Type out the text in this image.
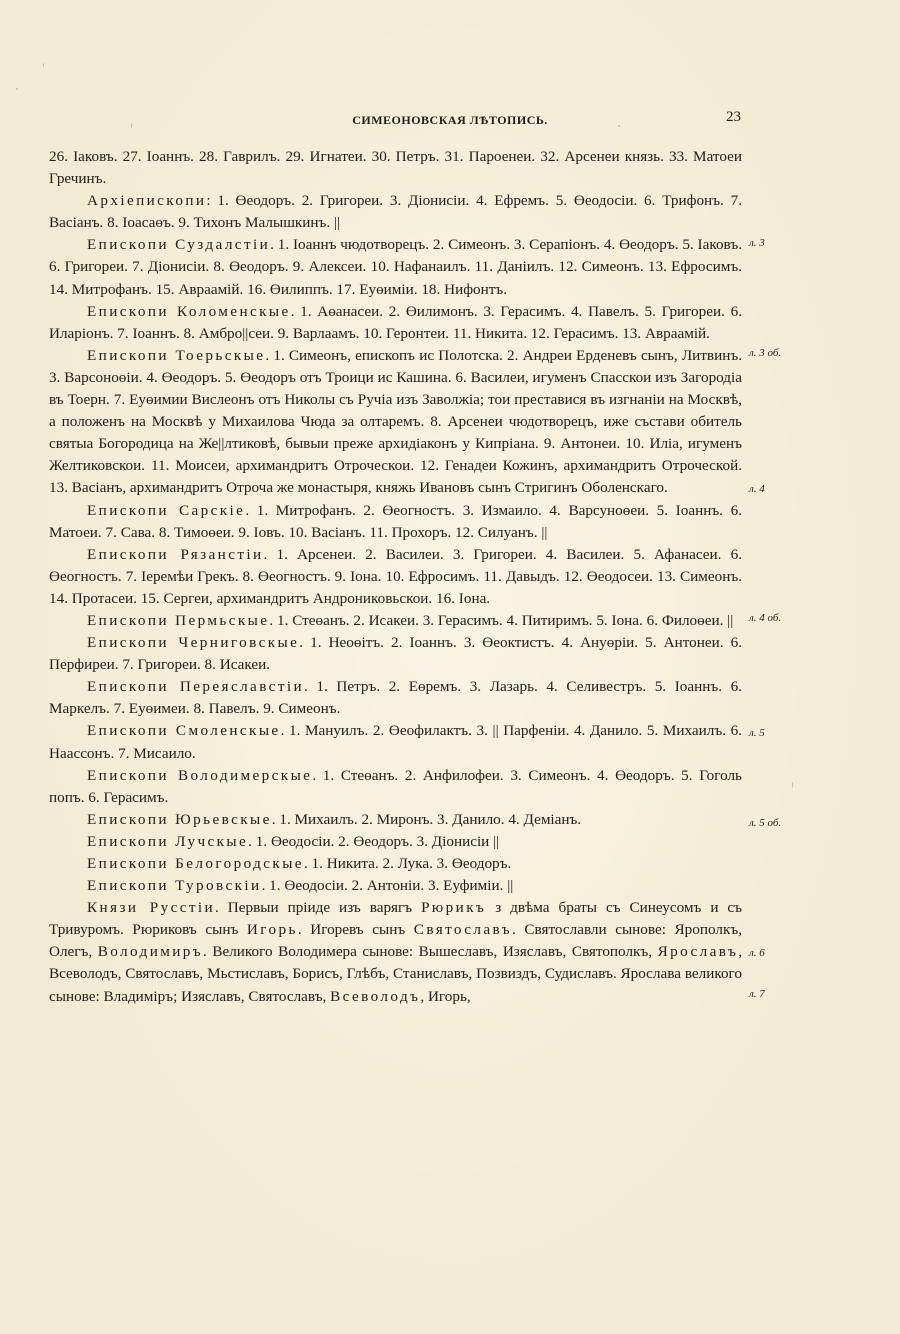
СИМЕОНОВСКАЯ ЛѢТОПИСЬ.	23

26. Іаковъ. 27. Іоаннъ. 28. Гаврилъ. 29. Игнатеи. 30. Петръ. 31. Пароенеи. 32. Арсенеи князь. 33. Матоеи Гречинъ.

Архіепископи: 1. Өеодоръ. 2. Григореи. 3. Діонисіи. 4. Ефремъ. 5. Өеодосіи. 6. Трифонъ. 7. Васіанъ. 8. Іоасаөъ. 9. Тихонъ Малышкинъ. ||

Епископи Суздалстіи. 1. Іоаннъ чюдотворецъ. 2. Симеонъ. 3. Серапіонъ. 4. Өеодоръ. 5. Іаковъ. 6. Григореи. 7. Діонисіи. 8. Өеодоръ. 9. Алексеи. 10. Нафанаилъ. 11. Даніилъ. 12. Симеонъ. 13. Ефросимъ. 14. Митрофанъ. 15. Авраамій. 16. Өилиппъ. 17. Еуөиміи. 18. Нифонтъ.

Епископи Коломенскые. 1. Аөанасеи. 2. Өилимонъ. 3. Герасимъ. 4. Павелъ. 5. Григореи. 6. Иларіонъ. 7. Іоаннъ. 8. Амбро||сеи. 9. Варлаамъ. 10. Геронтеи. 11. Никита. 12. Герасимъ. 13. Авраамій.

Епископи Тоерьскые. 1. Симеонъ, епископъ ис Полотска. 2. Андреи Ерденевъ сынъ, Литвинъ. 3. Варсоноөіи. 4. Өеодоръ. 5. Өеодоръ отъ Троици ис Кашина. 6. Василеи, игуменъ Спасскои изъ Загородіа въ Тоерн. 7. Еуөимии Вислеонъ отъ Николы съ Ручіа изъ Заволжіа; тои преставися въ изгнаніи на Москвѣ, а положенъ на Москвѣ у Михаилова Чюда за олтаремъ. 8. Арсенеи чюдотворецъ, иже състави обитель святыа Богородица на Же||лтиковѣ, бывыи преже архидіаконъ у Кипріана. 9. Антонеи. 10. Иліа, игуменъ Желтиковскои. 11. Моисеи, архимандритъ Отроческои. 12. Генадеи Кожинъ, архимандритъ Отроческой. 13. Васіанъ, архимандритъ Отроча же монастыря, княжь Ивановъ сынъ Стригинъ Оболенскаго.

Епископи Сарскіе. 1. Митрофанъ. 2. Өеогностъ. 3. Измаило. 4. Варсуноөеи. 5. Іоаннъ. 6. Матоеи. 7. Сава. 8. Тимоөеи. 9. Іовъ. 10. Васіанъ. 11. Прохоръ. 12. Силуанъ. ||

Епископи Рязанстіи. 1. Арсенеи. 2. Василеи. 3. Григореи. 4. Василеи. 5. Афанасеи. 6. Өеогностъ. 7. Іеремѣи Грекъ. 8. Өеогностъ. 9. Іона. 10. Ефросимъ. 11. Давыдъ. 12. Өеодосеи. 13. Симеонъ. 14. Протасеи. 15. Сергеи, архимандритъ Андрониковьскои. 16. Іона.

Епископи Пермьскые. 1. Стеөанъ. 2. Исакеи. 3. Герасимъ. 4. Питиримъ. 5. Іона. 6. Филоөеи. ||

Епископи Черниговскые. 1. Неоөітъ. 2. Іоаннъ. 3. Өеоктистъ. 4. Ануөріи. 5. Антонеи. 6. Перфиреи. 7. Григореи. 8. Исакеи.

Епископи Переяславстіи. 1. Петръ. 2. Еөремъ. 3. Лазарь. 4. Селивестръ. 5. Іоаннъ. 6. Маркелъ. 7. Еуөимеи. 8. Павелъ. 9. Симеонъ.

Епископи Смоленскые. 1. Мануилъ. 2. Өеофилактъ. 3. || Парфеніи. 4. Данило. 5. Михаилъ. 6. Наассонъ. 7. Мисаило.

Епископи Володимерскые. 1. Стеөанъ. 2. Анфилофеи. 3. Симеонъ. 4. Өеодоръ. 5. Гоголь попъ. 6. Герасимъ.

Епископи Юрьевскые. 1. Михаилъ. 2. Миронъ. 3. Данило. 4. Деміанъ.

Епископи Лучскые. 1. Өеодосіи. 2. Өеодоръ. 3. Діонисіи ||

Епископи Белогородскые. 1. Никита. 2. Лука. 3. Өеодоръ.

Епископи Туровскіи. 1. Өеодосіи. 2. Антоніи. 3. Еуфиміи. ||

Князи Русстіи. Первыи пріиде изъ варягъ Рюрикъ з двѣма браты съ Синеусомъ и съ Тривуромъ. Рюриковъ сынъ Игорь. Игоревъ сынъ Святославъ. Святославли сынове: Ярополкъ, Олегъ, Володимиръ. Великого Володимера сынове: Вышеславъ, Изяславъ, Святополкъ, Ярославъ, Всеволодъ, Святославъ, Мьстиславъ, Борисъ, Глѣбъ, Станиславъ, Позвиздъ, Судиславъ. Ярослава великого сынове: Владиміръ; Изяславъ, Святославъ, Всеволодъ, Игорь,

л. 3
л. 3 об.
л. 4
л. 4 об.
л. 5
л. 5 об.
л. 6
л. 7
